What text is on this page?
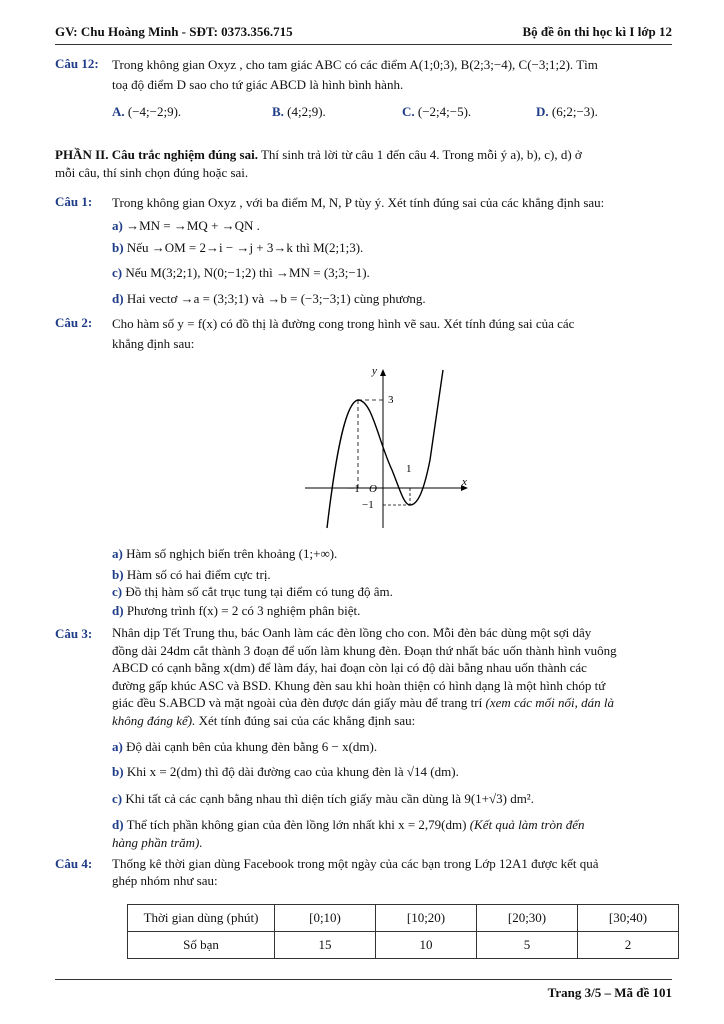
GV: Chu Hoàng Minh - SĐT: 0373.356.715	Bộ đề ôn thi học kì I lớp 12
Câu 12: Trong không gian Oxyz , cho tam giác ABC có các điểm A(1;0;3), B(2;3;−4), C(−3;1;2). Tìm
toạ độ điểm D sao cho tứ giác ABCD là hình bình hành.
A. (−4;−2;9).	B. (4;2;9).	C. (−2;4;−5).	D. (6;2;−3).
PHẦN II. Câu trắc nghiệm đúng sai. Thí sinh trả lời từ câu 1 đến câu 4. Trong mỗi ý a), b), c), d) ở
mỗi câu, thí sinh chọn đúng hoặc sai.
Câu 1: Trong không gian Oxyz , với ba điểm M, N, P tùy ý. Xét tính đúng sai của các khẳng định sau:
a) →MN = →MQ + →QN .
b) Nếu →OM = 2→i − →j + 3→k thì M(2;1;3).
c) Nếu M(3;2;1), N(0;−1;2) thì →MN = (3;3;−1).
d) Hai vectơ →a = (3;3;1) và →b = (−3;−3;1) cùng phương.
Câu 2: Cho hàm số y = f(x) có đồ thị là đường cong trong hình vẽ sau. Xét tính đúng sai của các
khẳng định sau:
y
x
3
1
−1 O
−1
a) Hàm số nghịch biến trên khoảng (1;+∞).
b) Hàm số có hai điểm cực trị.
c) Đồ thị hàm số cắt trục tung tại điểm có tung độ âm.
d) Phương trình f(x) = 2 có 3 nghiệm phân biệt.
Câu 3: Nhân dịp Tết Trung thu, bác Oanh làm các đèn lồng cho con. Mỗi đèn bác dùng một sợi dây
đồng dài 24dm cắt thành 3 đoạn để uốn làm khung đèn. Đoạn thứ nhất bác uốn thành hình vuông
ABCD có cạnh bằng x(dm) để làm đáy, hai đoạn còn lại có độ dài bằng nhau uốn thành các
đường gấp khúc ASC và BSD. Khung đèn sau khi hoàn thiện có hình dạng là một hình chóp tứ
giác đều S.ABCD và mặt ngoài của đèn được dán giấy màu để trang trí (xem các mối nối, dán là
không đáng kể). Xét tính đúng sai của các khẳng định sau:
a) Độ dài cạnh bên của khung đèn bằng 6 − x(dm).
b) Khi x = 2(dm) thì độ dài đường cao của khung đèn là √14 (dm).
c) Khi tất cả các cạnh bằng nhau thì diện tích giấy màu cần dùng là 9(1+√3) dm².
d) Thể tích phần không gian của đèn lồng lớn nhất khi x = 2,79(dm) (Kết quả làm tròn đến
hàng phần trăm).
Câu 4: Thống kê thời gian dùng Facebook trong một ngày của các bạn trong Lớp 12A1 được kết quả
ghép nhóm như sau:
Thời gian dùng (phút)	[0;10)	[10;20)	[20;30)	[30;40)
Số bạn	15	10	5	2
Trang 3/5 – Mã đề 101
